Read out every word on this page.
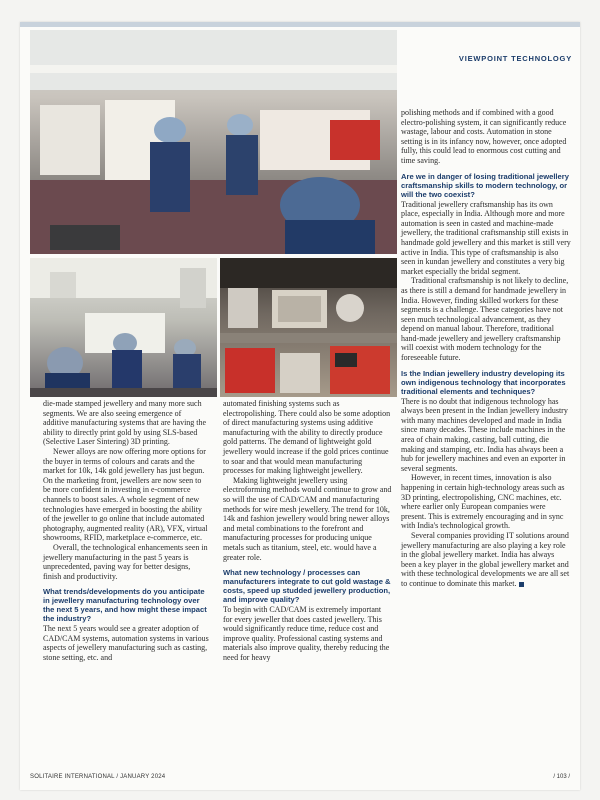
VIEWPOINT TECHNOLOGY

die-made stamped jewellery and many more such segments. We are also seeing emergence of additive manufacturing systems that are having the ability to directly print gold by using SLS-based (Selective Laser Sintering) 3D printing.

Newer alloys are now offering more options for the buyer in terms of colours and carats and the market for 10k, 14k gold jewellery has just begun. On the marketing front, jewellers are now seen to be more confident in investing in e-commerce channels to boost sales. A whole segment of new technologies have emerged in boosting the ability of the jeweller to go online that include automated photography, augmented reality (AR), VFX, virtual showrooms, RFID, marketplace e-commerce, etc.

Overall, the technological enhancements seen in jewellery manufacturing in the past 5 years is unprecedented, paving way for better designs, finish and productivity.

What trends/developments do you anticipate in jewellery manufacturing technology over the next 5 years, and how might these impact the industry?

The next 5 years would see a greater adoption of CAD/CAM systems, automation systems in various aspects of jewellery manufacturing such as casting, stone setting, etc. and

automated finishing systems such as electropolishing. There could also be some adoption of direct manufacturing systems using additive manufacturing with the ability to directly produce gold patterns. The demand of lightweight gold jewellery would increase if the gold prices continue to soar and that would mean manufacturing processes for making lightweight jewellery.

Making lightweight jewellery using electroforming methods would continue to grow and so will the use of CAD/CAM and manufacturing methods for wire mesh jewellery. The trend for 10k, 14k and fashion jewellery would bring newer alloys and metal combinations to the forefront and manufacturing processes for producing unique metals such as titanium, steel, etc. would have a greater role.

What new technology / processes can manufacturers integrate to cut gold wastage & costs, speed up studded jewellery production, and improve quality?

To begin with CAD/CAM is extremely important for every jeweller that does casted jewellery. This would significantly reduce time, reduce cost and improve quality. Professional casting systems and materials also improve quality, thereby reducing the need for heavy

polishing methods and if combined with a good electro-polishing system, it can significantly reduce wastage, labour and costs. Automation in stone setting is in its infancy now, however, once adopted fully, this could lead to enormous cost cutting and time saving.

Are we in danger of losing traditional jewellery craftsmanship skills to modern technology, or will the two coexist?

Traditional jewellery craftsmanship has its own place, especially in India. Although more and more automation is seen in casted and machine-made jewellery, the traditional craftsmanship still exists in handmade gold jewellery and this market is still very active in India. This type of craftsmanship is also seen in kundan jewellery and constitutes a very big market especially the bridal segment.

Traditional craftsmanship is not likely to decline, as there is still a demand for handmade jewellery in India. However, finding skilled workers for these segments is a challenge. These categories have not seen much technological advancement, as they depend on manual labour. Therefore, traditional hand-made jewellery and jewellery craftsmanship will coexist with modern technology for the foreseeable future.

Is the Indian jewellery industry developing its own indigenous technology that incorporates traditional elements and techniques?

There is no doubt that indigenous technology has always been present in the Indian jewellery industry with many machines developed and made in India since many decades. These include machines in the area of chain making, casting, ball cutting, die making and stamping, etc. India has always been a hub for jewellery machines and even an exporter in several segments.

However, in recent times, innovation is also happening in certain high-technology areas such as 3D printing, electropolishing, CNC machines, etc. where earlier only European companies were present. This is extremely encouraging and in sync with India's technological growth.

Several companies providing IT solutions around jewellery manufacturing are also playing a key role in the global jewellery market. India has always been a key player in the global jewellery market and with these technological developments we are all set to continue to dominate this market.

SOLITAIRE INTERNATIONAL / JANUARY 2024	/ 103 /
